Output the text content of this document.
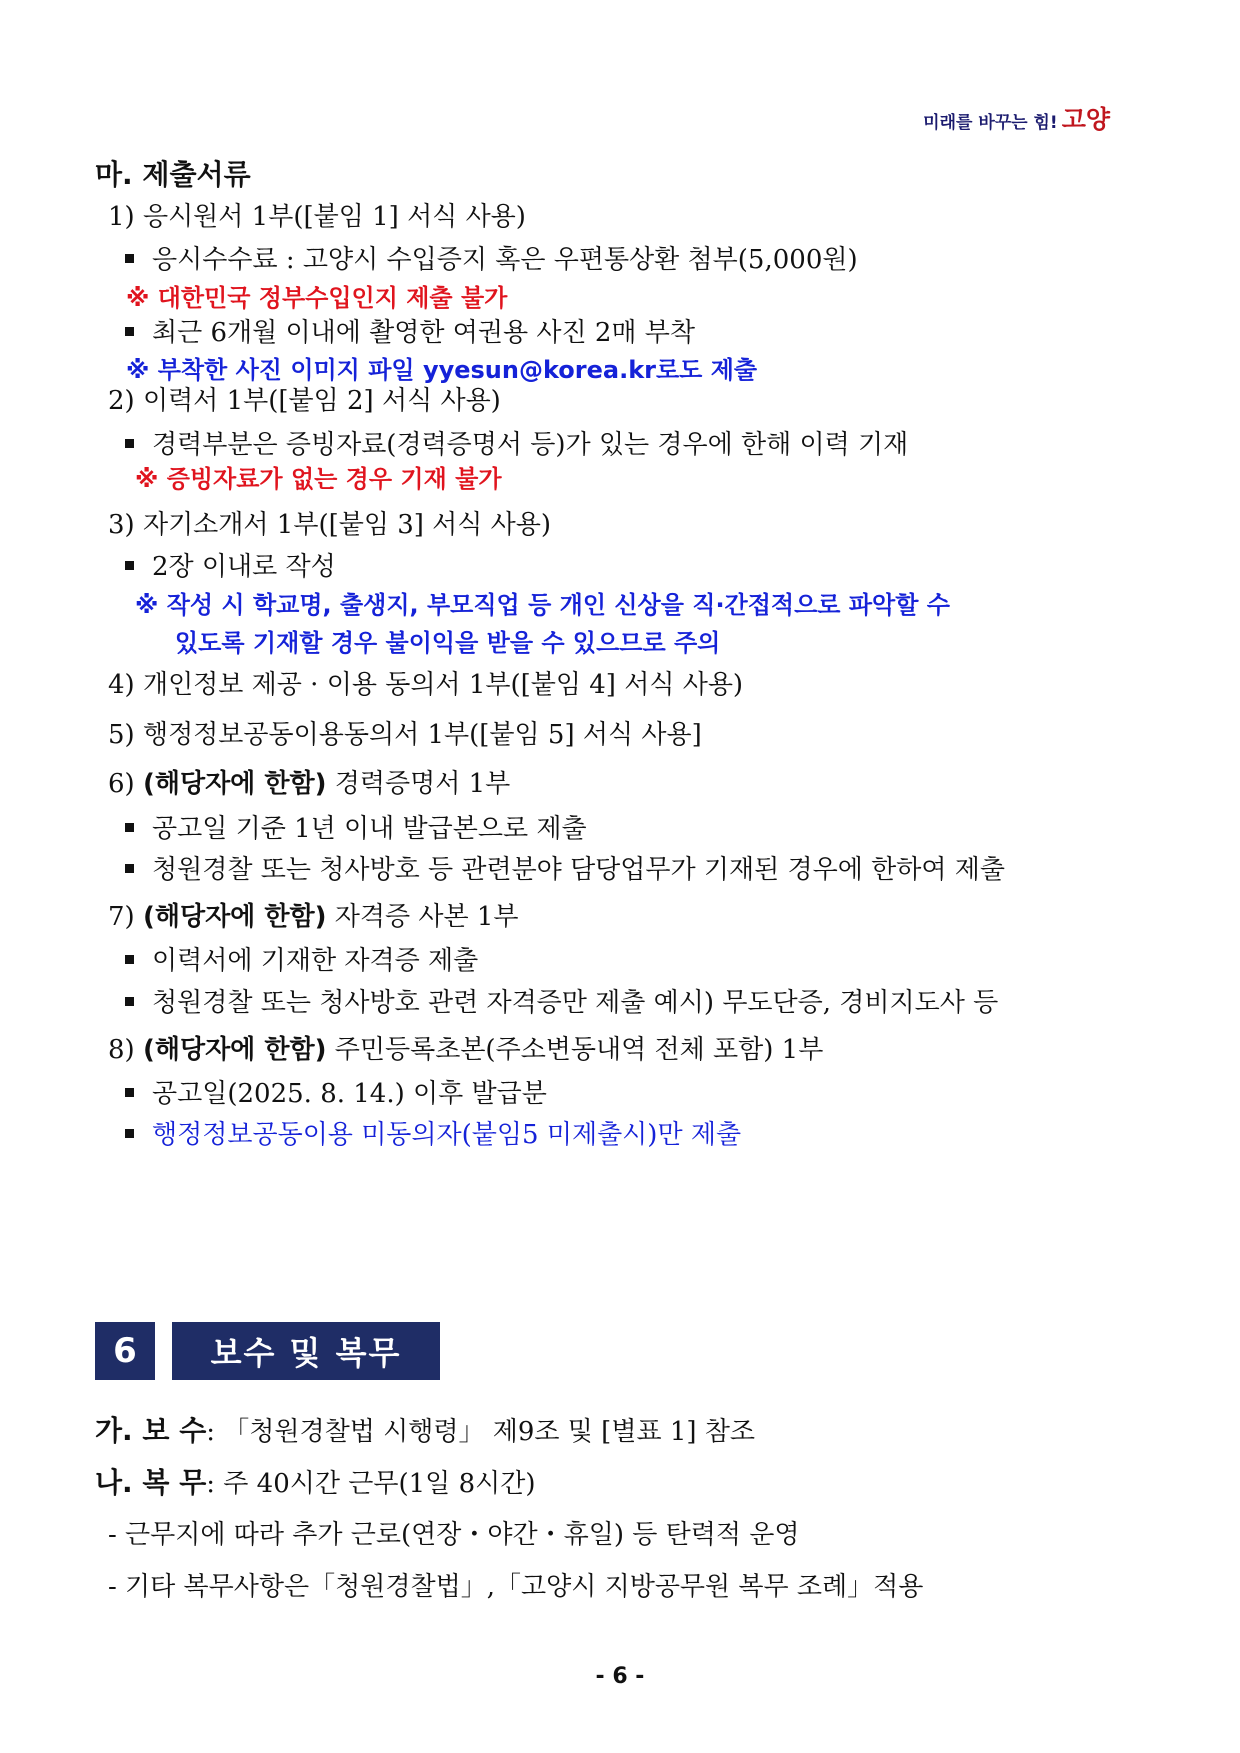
미래를 바꾸는 힘! 고양
마. 제출서류
1) 응시원서 1부([붙임 1] 서식 사용)
응시수수료 : 고양시 수입증지 혹은 우편통상환 첨부(5,000원)
※ 대한민국 정부수입인지 제출 불가
최근 6개월 이내에 촬영한 여권용 사진 2매 부착
※ 부착한 사진 이미지 파일 yyesun@korea.kr로도 제출
2) 이력서 1부([붙임 2] 서식 사용)
경력부분은 증빙자료(경력증명서 등)가 있는 경우에 한해 이력 기재
※ 증빙자료가 없는 경우 기재 불가
3) 자기소개서 1부([붙임 3] 서식 사용)
2장 이내로 작성
※ 작성 시 학교명, 출생지, 부모직업 등 개인 신상을 직·간접적으로 파악할 수
있도록 기재할 경우 불이익을 받을 수 있으므로 주의
4) 개인정보 제공 · 이용 동의서 1부([붙임 4] 서식 사용)
5) 행정정보공동이용동의서 1부([붙임 5] 서식 사용]
6) (해당자에 한함) 경력증명서 1부
공고일 기준 1년 이내 발급본으로 제출
청원경찰 또는 청사방호 등 관련분야 담당업무가 기재된 경우에 한하여 제출
7) (해당자에 한함) 자격증 사본 1부
이력서에 기재한 자격증 제출
청원경찰 또는 청사방호 관련 자격증만 제출 예시) 무도단증, 경비지도사 등
8) (해당자에 한함) 주민등록초본(주소변동내역 전체 포함) 1부
공고일(2025. 8. 14.) 이후 발급분
행정정보공동이용 미동의자(붙임5 미제출시)만 제출
6	보수 및 복무
가. 보 수: 「청원경찰법 시행령」 제9조 및 [별표 1] 참조
나. 복 무: 주 40시간 근무(1일 8시간)
- 근무지에 따라 추가 근로(연장・야간・휴일) 등 탄력적 운영
- 기타 복무사항은「청원경찰법」,「고양시 지방공무원 복무 조례」적용
- 6 -
